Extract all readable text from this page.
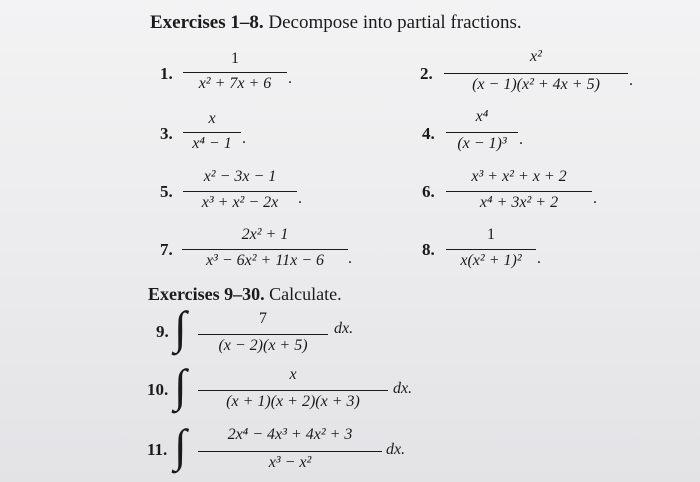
Exercises 1–8. Decompose into partial fractions.
1.
1
x² + 7x + 6	.	2.
x²
(x − 1)(x² + 4x + 5)	.
3.
x
x⁴ − 1 .	4.
x⁴
(x − 1)³ .
5.
x² − 3x − 1
x³ + x² − 2x	.	6.
x³ + x² + x + 2
x⁴ + 3x² + 2	.
7.
2x² + 1
x³ − 6x² + 11x − 6	.	8.
1
x(x² + 1)² .
Exercises 9–30. Calculate.
9. ∫	7
(x − 2)(x + 5)
dx.
10. ∫	x
(x + 1)(x + 2)(x + 3)
dx.
11. ∫	2x⁴ − 4x³ + 4x² + 3
x³ − x²
dx.
